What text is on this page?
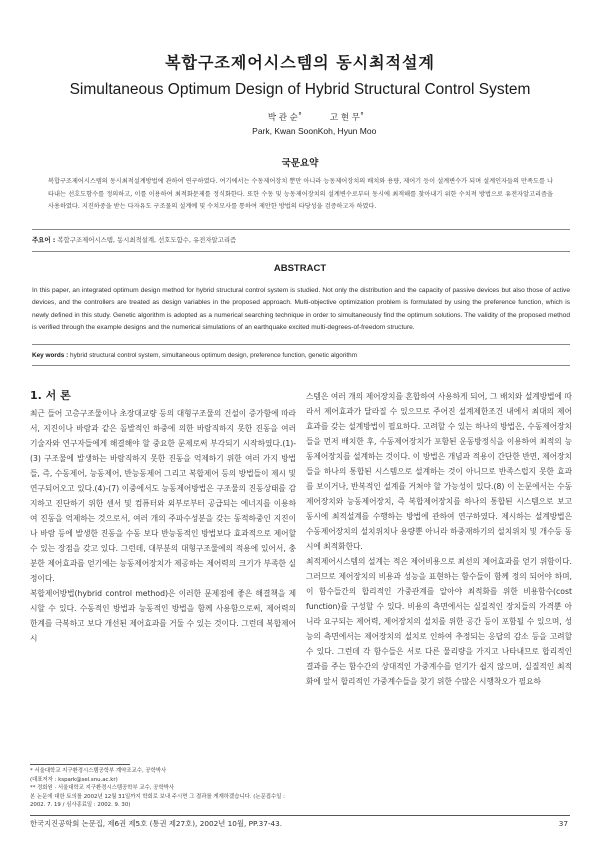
복합구조제어시스템의 동시최적설계
Simultaneous Optimum Design of Hybrid Structural Control System
박 관 순˚
Park, Kwan Soon
고 현 무˚
Koh, Hyun Moo
국문요약
복합구조제어시스템의 동시최적설계방법에 관하여 연구하였다. 여기에서는 수동제어장치 뿐만 아니라 능동제어장치의 배치와 용량, 제어기 등이 설계변수가 되며 설계인자들의 만족도를 나타내는 선호도함수를 정의하고, 이를 이용하여 최적화문제를 정식화한다. 또한 수동 및 능동제어장치의 설계변수로부터 동시에 최적해를 찾아내기 위한 수치적 방법으로 유전자알고리즘을 사용하였다. 지진하중을 받는 다자유도 구조물의 설계예 및 수치모사를 통하여 제안한 방법의 타당성을 검증하고자 하였다.
주요어 : 복합구조제어시스템, 동시최적설계, 선호도함수, 유전자알고리즘
ABSTRACT
In this paper, an integrated optimum design method for hybrid structural control system is studied. Not only the distribution and the capacity of passive devices but also those of active devices, and the controllers are treated as design variables in the proposed approach. Multi-objective optimization problem is formulated by using the preference function, which is newly defined in this study. Genetic algorithm is adopted as a numerical searching technique in order to simultaneously find the optimum solutions. The validity of the proposed method is verified through the example designs and the numerical simulations of an earthquake excited multi-degrees-of-freedom structure.
Key words : hybrid structural control system, simultaneous optimum design, preference function, genetic algorithm
1. 서 론
최근 들어 고층구조물이나 초장대교량 등의 대형구조물의 건설이 증가함에 따라서, 지진이나 바람과 같은 돌발적인 하중에 의한 바람직하지 못한 진동을 여러 기술자와 연구자들에게 해결해야 할 중요한 문제로써 부각되기 시작하였다.(1)-(3) 구조물에 발생하는 바람직하지 못한 진동을 억제하기 위한 여러 가지 방법들, 즉, 수동제어, 능동제어, 반능동제어 그리고 복합제어 등의 방법들이 제시 및 연구되어오고 있다.(4)-(7) 이중에서도 능동제어방법은 구조물의 진동상태를 감지하고 진단하기 위한 센서 및 컴퓨터와 외부로부터 공급되는 에너지를 이용하여 진동을 억제하는 것으로서, 여러 개의 주파수성분을 갖는 동적하중인 지진이나 바람 등에 발생한 진동을 수동 보다 반능동적인 방법보다 효과적으로 제어할 수 있는 장점을 갖고 있다. 그런데, 대부분의 대형구조물에의 적용에 있어서, 충분한 제어효과를 얻기에는 능동제어장치가 제공하는 제어력의 크기가 부족한 실정이다.
복합제어방법(hybrid control method)은 이러한 문제점에 좋은 해결책을 제시할 수 있다. 수동적인 방법과 능동적인 방법을 함께 사용함으로써, 제어력의 한계를 극복하고 보다 개선된 제어효과를 거둘 수 있는 것이다. 그런데 복합제어시
스템은 여러 개의 제어장치를 혼합하여 사용하게 되어, 그 배치와 설계방법에 따라서 제어효과가 달라질 수 있으므로 주어진 설계제한조건 내에서 최대의 제어효과를 갖는 설계방법이 필요하다. 고려할 수 있는 하나의 방법은, 수동제어장치들을 먼저 배치한 후, 수동제어장치가 포함된 운동방정식을 이용하여 최적의 능동제어장치를 설계하는 것이다. 이 방법은 개념과 적용이 간단한 반면, 제어장치들을 하나의 통합된 시스템으로 설계하는 것이 아니므로 반족스럽지 못한 효과를 보이거나, 반복적인 설계를 거쳐야 할 가능성이 있다.(8) 이 논문에서는 수동제어장치와 능동제어장치, 즉 복합제어장치를 하나의 통합된 시스템으로 보고 동시에 최적설계를 수행하는 방법에 관하여 연구하였다. 제시하는 설계방법은 수동제어장치의 설치위치나 용량뿐 아니라 하중재하기의 설치위치 및 개수등 동시에 최적화한다.
최적제어시스템의 설계는 적은 제어비용으로 최선의 제어효과를 얻기 위함이다. 그러므로 제어장치의 비용과 성능을 표현하는 함수들이 함께 정의 되어야 하며, 이 함수들간의 합리적인 가중관계를 알아야 최적화를 위한 비용함수(cost function)를 구성할 수 있다. 비용의 측면에서는 실질적인 장치들의 가격뿐 아니라 요구되는 제어력, 제어장치의 설치를 위한 공간 등이 포함될 수 있으며, 성능의 측면에서는 제어장치의 설치로 인하여 추정되는 응답의 감소 등을 고려할 수 있다. 그런데 각 함수들은 서로 다른 물리량을 가지고 나타내므로 합리적인 결과를 주는 함수간의 상대적인 가중계수를 얻기가 쉽지 않으며, 실질적인 최적화에 앞서 합리적인 가중계수들을 찾기 위한 수많은 시행착오가 필요하
* 서울대학교 지구환경시스템공학부 계약조교수, 공학박사
(대표저자 : kspark@sel.snu.ac.kr)
** 정회원 · 서울대학교 지구환경시스템공학부 교수, 공학박사
본 논문에 대한 토의를 2002년 12월 31일까지 학회로 보내 주시면 그 결과를 게재하겠습니다. (논문접수일 : 2002. 7. 19 / 심사종료일 : 2002. 9. 30)
한국지진공학회 논문집, 제6권 제5호 (통권 제27호), 2002년 10월, PP.37-43.	37
